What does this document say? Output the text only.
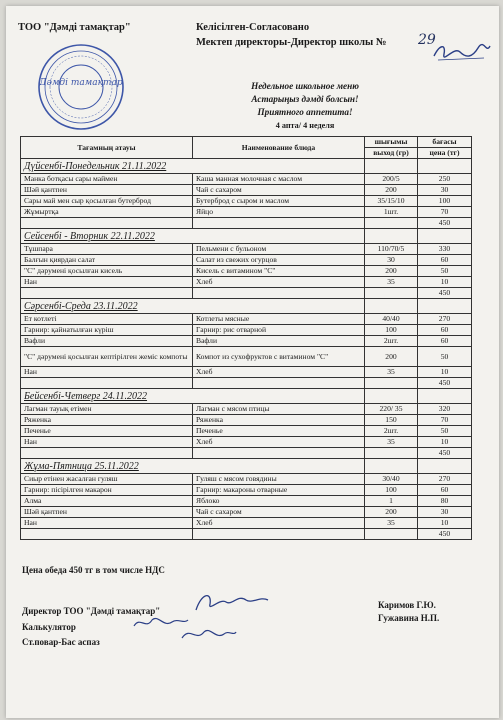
ТОО "Дәмді тамақтар"	Келісілген-Согласовано
Мектеп директоры-Директор школы № 29
Дәмді тамақтар	Недельное школьное меню
Астарыңыз дәмді болсын!
Приятного аппетита!
4 апта/ 4 неделя
Тағамның атауы	Наименование блюда	шығымы	бағасы
		выход (гр)	цена (тг)
Дүйсенбі-Понедельник 21.11.2022			
Манка ботқасы сары маймен	Каша манная молочная с маслом	200/5	250
Шәй қантпен	Чай с сахаром	200	30
Сары май мен сыр қосылған бутерброд	Бутерброд с сыром и маслом	35/15/10	100
Жұмыртқа	Яйцо	1шт.	70
			450
Сейсенбі - Вторник 22.11.2022			
Тұшпара	Пельмени с бульоном	110/70/5	330
Балғын қиярдан салат	Салат из свежих огурцов	30	60
"С" дәрумені қосылған кисель	Кисель с витамином "С"	200	50
Нан	Хлеб	35	10
			450
Сәрсенбі-Среда 23.11.2022			
Ет котлеті	Котлеты мясные	40/40	270
Гарнир: қайнатылған күріш	Гарнир: рис отварной	100	60
Вафли	Вафли	2шт.	60
"С" дәрумені қосылған кептірілген жеміс компоты	Компот из сухофруктов с витамином "С"	200	50
Нан	Хлеб	35	10
			450
Бейсенбі-Четверг 24.11.2022			
Лагман тауық етімен	Лагман с мясом птицы	220/ 35	320
Ряженка	Ряженка	150	70
Печенье	Печенье	2шт.	50
Нан	Хлеб	35	10
			450
Жұма-Пятница 25.11.2022			
Сиыр етінен жасалған гуляш	Гуляш с мясом говядины	30/40	270
Гарнир: пісірілген макарон	Гарнир: макароны отварные	100	60
Алма	Яблоко	1	80
Шәй қантпен	Чай с сахаром	200	30
Нан	Хлеб	35	10
			450
Цена обеда 450 тг в том числе НДС
Директор ТОО "Дәмді тамақтар"
Каримов Г.Ю.
Калькулятор
Гужавина Н.П.
Ст.повар-Бас аспаз
